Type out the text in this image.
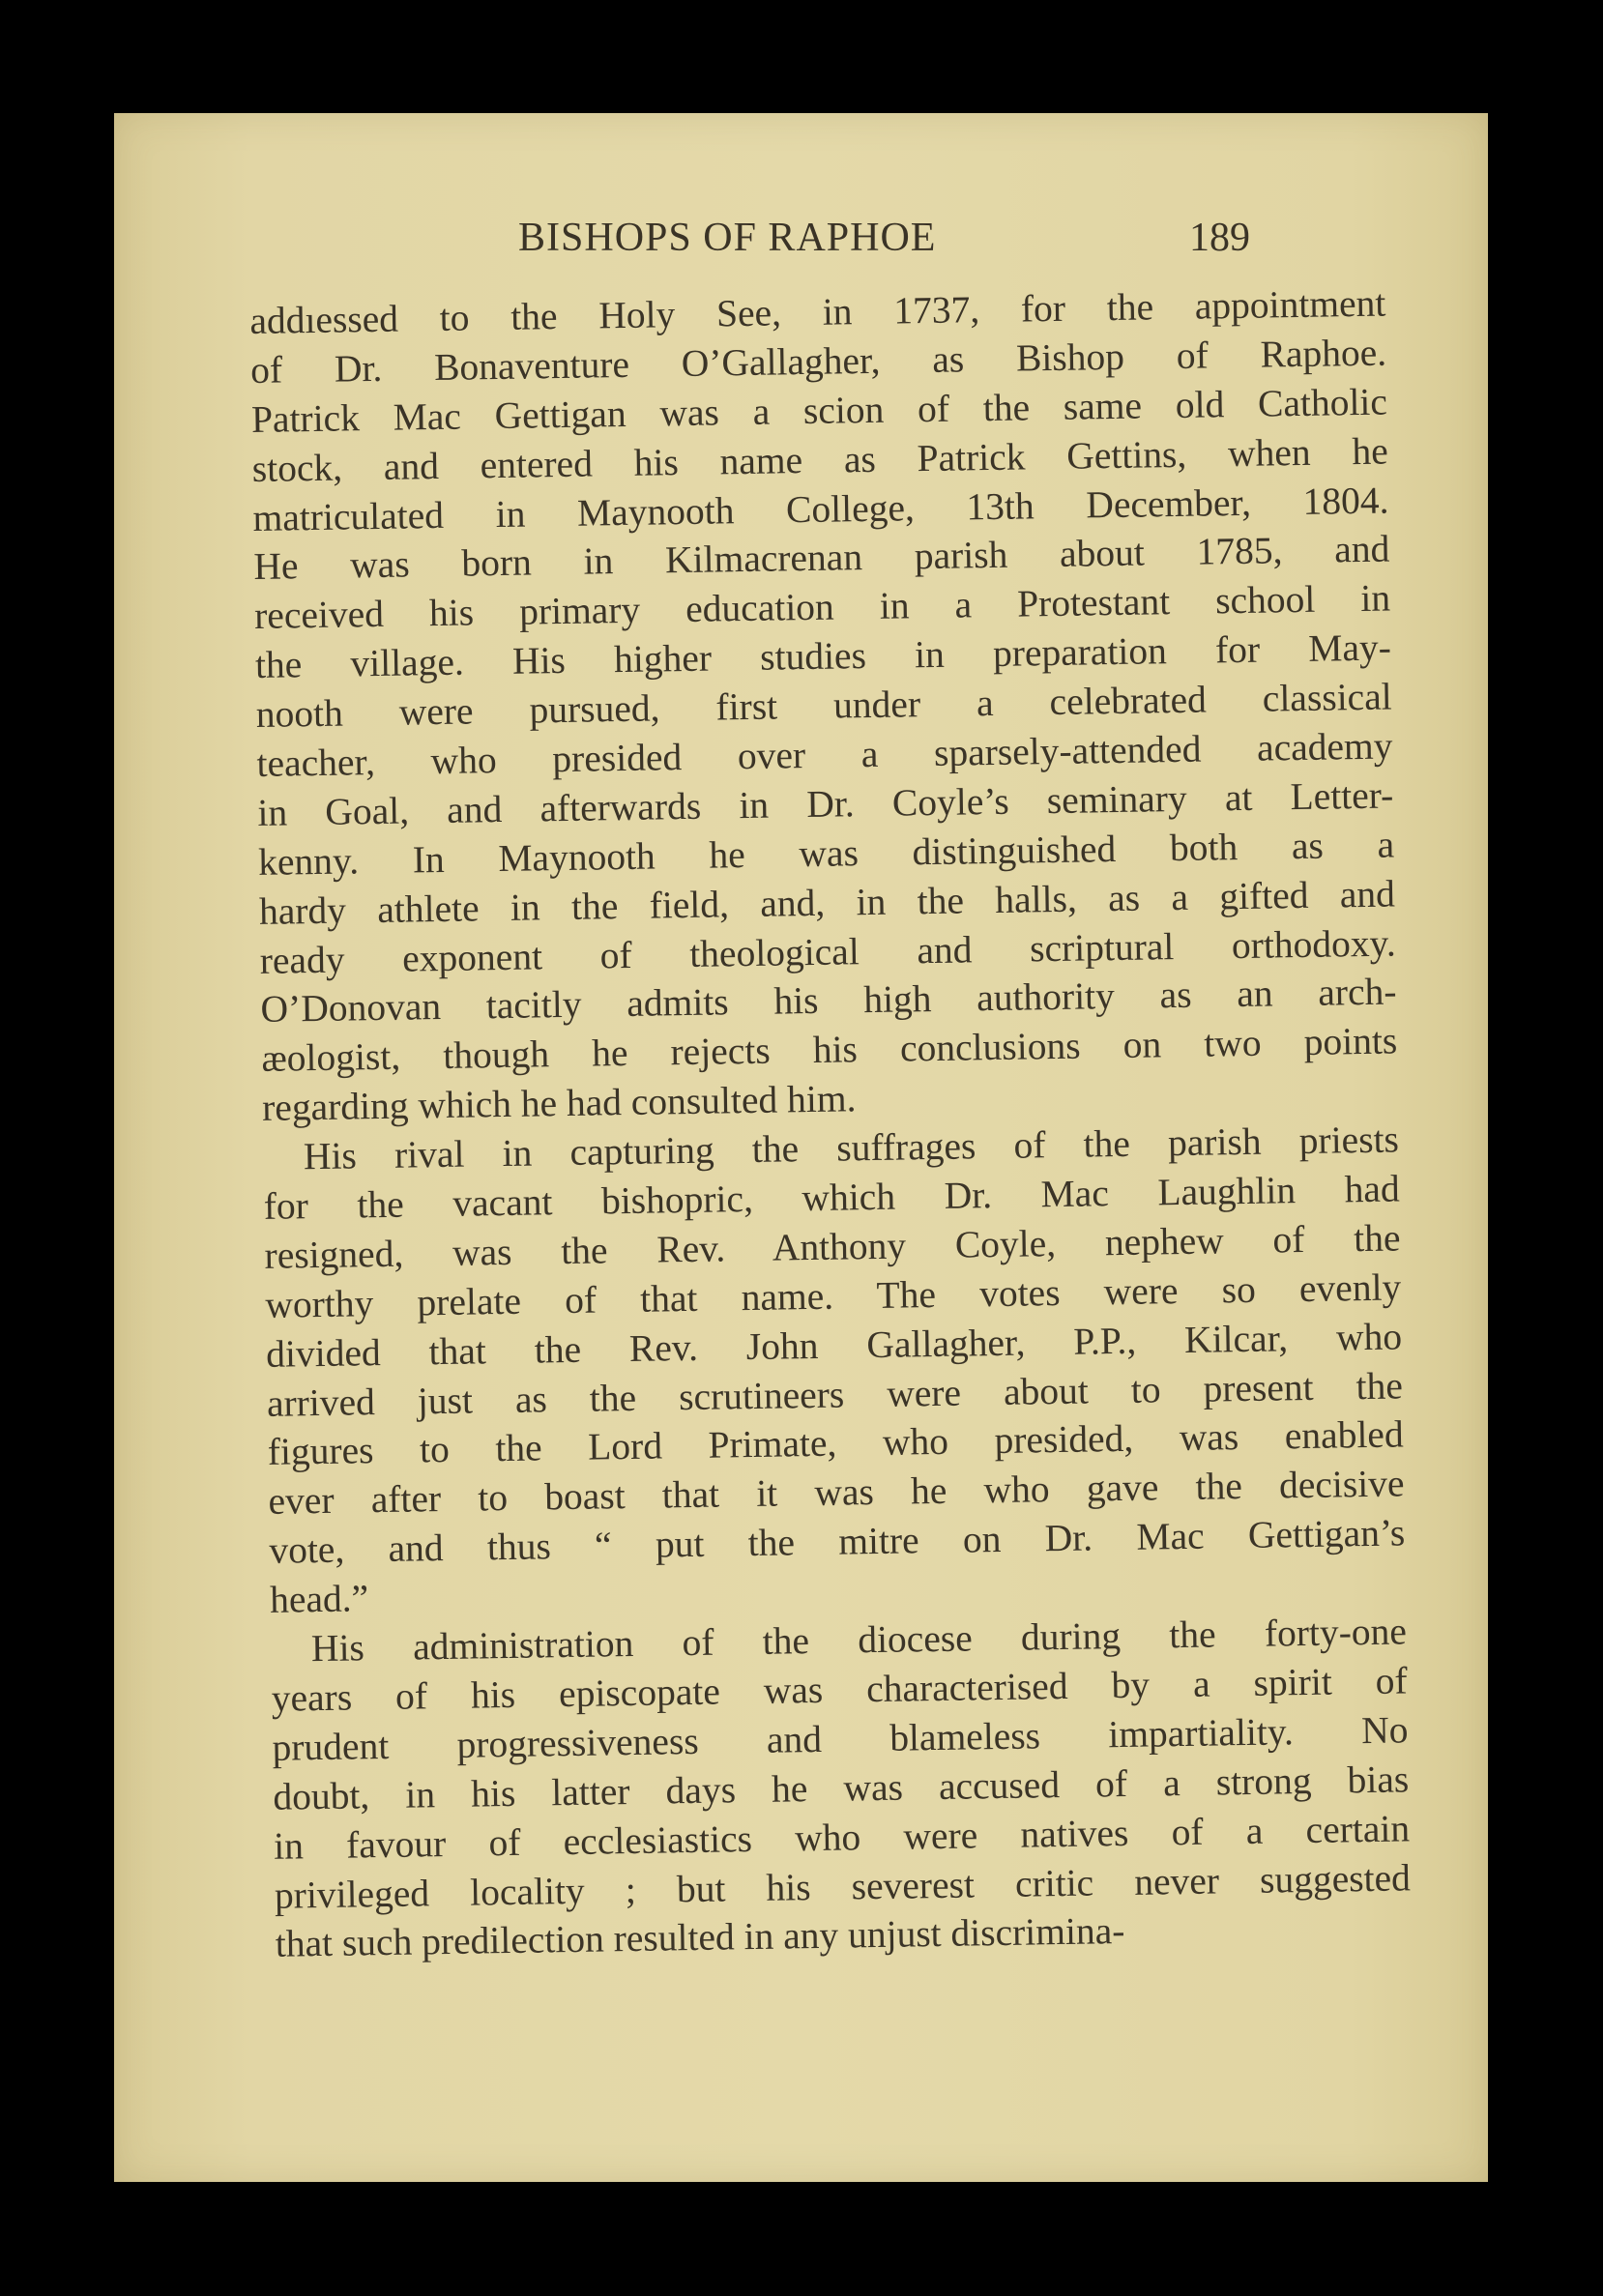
BISHOPS OF RAPHOE	189
addıessed to the Holy See, in 1737, for the appointment
of Dr. Bonaventure O’Gallagher, as Bishop of Raphoe.
Patrick Mac Gettigan was a scion of the same old Catholic
stock, and entered his name as Patrick Gettins, when he
matriculated in Maynooth College, 13th December, 1804.
He was born in Kilmacrenan parish about 1785, and
received his primary education in a Protestant school in
the village. His higher studies in preparation for May-
nooth were pursued, first under a celebrated classical
teacher, who presided over a sparsely-attended academy
in Goal, and afterwards in Dr. Coyle’s seminary at Letter-
kenny. In Maynooth he was distinguished both as a
hardy athlete in the field, and, in the halls, as a gifted and
ready exponent of theological and scriptural orthodoxy.
O’Donovan tacitly admits his high authority as an arch-
æologist, though he rejects his conclusions on two points
regarding which he had consulted him.
His rival in capturing the suffrages of the parish priests
for the vacant bishopric, which Dr. Mac Laughlin had
resigned, was the Rev. Anthony Coyle, nephew of the
worthy prelate of that name. The votes were so evenly
divided that the Rev. John Gallagher, P.P., Kilcar, who
arrived just as the scrutineers were about to present the
figures to the Lord Primate, who presided, was enabled
ever after to boast that it was he who gave the decisive
vote, and thus “ put the mitre on Dr. Mac Gettigan’s
head.”
His administration of the diocese during the forty-one
years of his episcopate was characterised by a spirit of
prudent progressiveness and blameless impartiality. No
doubt, in his latter days he was accused of a strong bias
in favour of ecclesiastics who were natives of a certain
privileged locality ; but his severest critic never suggested
that such predilection resulted in any unjust discrimina-
